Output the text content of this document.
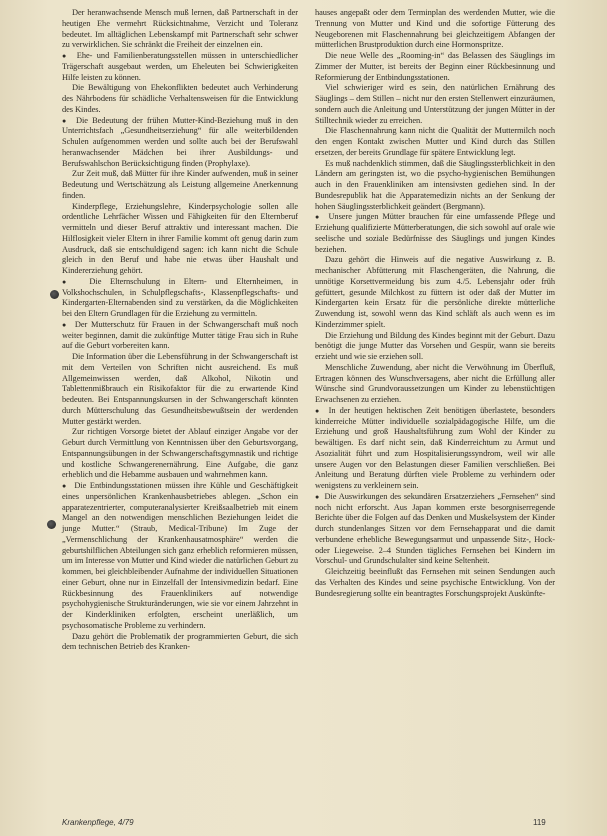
Der heranwachsende Mensch muß lernen, daß Partnerschaft in der heutigen Ehe vermehrt Rücksichtnahme, Verzicht und Toleranz bedeutet. Im alltäglichen Lebenskampf mit Partnerschaft sehr schwer zu verwirklichen. Sie schränkt die Freiheit der einzelnen ein.

●  Ehe- und Familienberatungsstellen müssen in unterschiedlicher Trägerschaft ausgebaut werden, um Eheleuten bei Schwierigkeiten Hilfe leisten zu können.

Die Bewältigung von Ehekonflikten bedeutet auch Verhinderung des Nährbodens für schädliche Verhaltensweisen für die Entwicklung des Kindes.

●  Die Bedeutung der frühen Mutter-Kind-Beziehung muß in den Unterrichtsfach „Gesundheitserziehung“ für alle weiterbildenden Schulen aufgenommen werden und sollte auch bei der Berufswahl heranwachsender Mädchen bei ihrer Ausbildungs- und Berufswahlschon Berücksichtigung finden (Prophylaxe).

Zur Zeit muß, daß Mütter für ihre Kinder aufwenden, muß in seiner Bedeutung und Wertschätzung als Leistung allgemeine Anerkennung finden.

Kinderpflege, Erziehungslehre, Kinderpsychologie sollen alle ordentliche Lehrfächer Wissen und Fähigkeiten für den Elternberuf vermitteln und dieser Beruf attraktiv und interessant machen. Die Hilflosigkeit vieler Eltern in ihrer Familie kommt oft genug darin zum Ausdruck, daß sie entschuldigend sagen: ich kann nicht die Schule gleich in den Beruf und habe nie etwas über Haushalt und Kindererziehung gehört.

●  Die Elternschulung in Eltern- und Elternheimen, in Volkshochschulen, in Schulpflegschafts-, Klassenpflegschafts- und Kindergarten-Elternabenden sind zu verstärken, da die Möglichkeiten bei den Eltern Grundlagen für die Erziehung zu vermitteln.

●  Der Mutterschutz für Frauen in der Schwangerschaft muß noch weiter beginnen, damit die zukünftige Mutter tätige Frau sich in Ruhe auf die Geburt vorbereiten kann.

Die Information über die Lebensführung in der Schwangerschaft ist mit dem Verteilen von Schriften nicht ausreichend. Es muß Allgemeinwissen werden, daß Alkohol, Nikotin und Tablettenmißbrauch ein Risikofaktor für die zu erwartende Kind bedeuten. Bei Entspannungskursen in der Schwangerschaft könnten durch Mütterschulung das Gesundheitsbewußtsein der werdenden Mutter gestärkt werden.

Zur richtigen Vorsorge bietet der Ablauf einziger Angabe vor der Geburt durch Vermittlung von Kenntnissen über den Geburtsvorgang, Entspannungsübungen in der Schwangerschaftsgymnastik und richtige und kostliche Schwangerenernährung. Eine Aufgabe, die ganz erheblich und die Hebamme ausbauen und wahrnehmen kann.

●  Die Entbindungsstationen müssen ihre Kühle und Geschäftigkeit eines unpersönlichen Krankenhausbetriebes ablegen. „Schon ein apparatezentrierter, computeranalysierter Kreißsaalbetrieb mit einem Mangel an den notwendigen menschlichen Beziehungen leidet die junge Mutter.“ (Straub, Medical-Tribune) Im Zuge der „Vermenschlichung der Krankenhausatmosphäre“ werden die geburtshilflichen Abteilungen sich ganz erheblich reformieren müssen, um im Interesse von Mutter und Kind wieder die natürlichen Geburt zu kommen, bei gleichbleibender Aufnahme der individuellen Situationen einer Geburt, ohne nur in Einzelfall der Intensivmedizin bedarf. Eine Rückbesinnung des Frauenklinikers auf notwendige psychohygienische Strukturänderungen, wie sie vor einem Jahrzehnt in der Kinderkliniken erfolgten, erscheint unerläßlich, um psychosomatische Probleme zu verhindern.

Dazu gehört die Problematik der programmierten Geburt, die sich dem technischen Betrieb des Kranken-

hauses angepaßt oder dem Terminplan des werdenden Mutter, wie die Trennung von Mutter und Kind und die sofortige Fütterung des Neugeborenen mit Flaschennahrung bei gleichzeitigem Abfangen der mütterlichen Brustproduktion durch eine Hormonspritze.

Die neue Welle des „Rooming-in“ das Belassen des Säuglings im Zimmer der Mutter, ist bereits der Beginn einer Rückbesinnung und Reformierung der Entbindungsstationen.

Viel schwieriger wird es sein, den natürlichen Ernährung des Säuglings – dem Stillen – nicht nur den ersten Stellenwert einzuräumen, sondern auch die Anleitung und Unterstützung der jungen Mütter in der Stilltechnik wieder zu erreichen.

Die Flaschennahrung kann nicht die Qualität der Muttermilch noch den engen Kontakt zwischen Mutter und Kind durch das Stillen ersetzen, der bereits Grundlage für spätere Entwicklung legt.

Es muß nachdenklich stimmen, daß die Säuglingssterblichkeit in den Ländern am geringsten ist, wo die psycho-hygienischen Bemühungen auch in den Frauenkliniken am intensivsten gediehen sind. In der Bundesrepublik hat die Apparatemedizin nichts an der Senkung der hohen Säuglingssterblichkeit geändert (Bergmann).

●  Unsere jungen Mütter brauchen für eine umfassende Pflege und Erziehung qualifizierte Mütterberatungen, die sich sowohl auf orale wie seelische und soziale Bedürfnisse des Säuglings und jungen Kindes beziehen.

Dazu gehört die Hinweis auf die negative Auswirkung z. B. mechanischer Abfütterung mit Flaschengeräten, die Nahrung, die unnötige Korsettvermeidung bis zum 4./5. Lebensjahr oder früh gefüttert, gesunde Milchkost zu füttern ist oder daß der Mutter im Kindergarten kein Ersatz für die persönliche direkte mütterliche Zuwendung ist, sowohl wenn das Kind schläft als auch wenn es im Kinderzimmer spielt.

Die Erziehung und Bildung des Kindes beginnt mit der Geburt. Dazu benötigt die junge Mutter das Vorsehen und Gespür, wann sie bereits erzieht und wie sie erziehen soll.

Menschliche Zuwendung, aber nicht die Verwöhnung im Überfluß, Ertragen können des Wunschversagens, aber nicht die Erfüllung aller Wünsche sind Grundvoraussetzungen um Kinder zu lebenstüchtigen Erwachsenen zu erziehen.

●  In der heutigen hektischen Zeit benötigen überlastete, besonders kinderreiche Mütter individuelle sozialpädagogische Hilfe, um die Erziehung und groß Haushaltsführung zum Wohl der Kinder zu bewältigen. Es darf nicht sein, daß Kinderreichtum zu Armut und Asozialität führt und zum Hospitalisierungssyndrom, weil wir alle unsere Augen vor den Belastungen dieser Familien verschließen. Bei Anleitung und Beratung dürften viele Probleme zu verhindern oder wenigstens zu verkleinern sein.

●  Die Auswirkungen des sekundären Ersatzerziehers „Fernsehen“ sind noch nicht erforscht. Aus Japan kommen erste besorgniserregende Berichte über die Folgen auf das Denken und Muskelsystem der Kinder durch stundenlanges Sitzen vor dem Fernsehapparat und die damit verbundene erhebliche Bewegungsarmut und unpassende Sitz-, Hock- oder Liegeweise. 2–4 Stunden tägliches Fernsehen bei Kindern im Vorschul- und Grundschulalter sind keine Seltenheit.

Gleichzeitig beeinflußt das Fernsehen mit seinen Sendungen auch das Verhalten des Kindes und seine psychische Entwicklung. Von der Bundesregierung sollte ein beantragtes Forschungsprojekt Auskünfte-

Krankenpflege, 4/79	119
